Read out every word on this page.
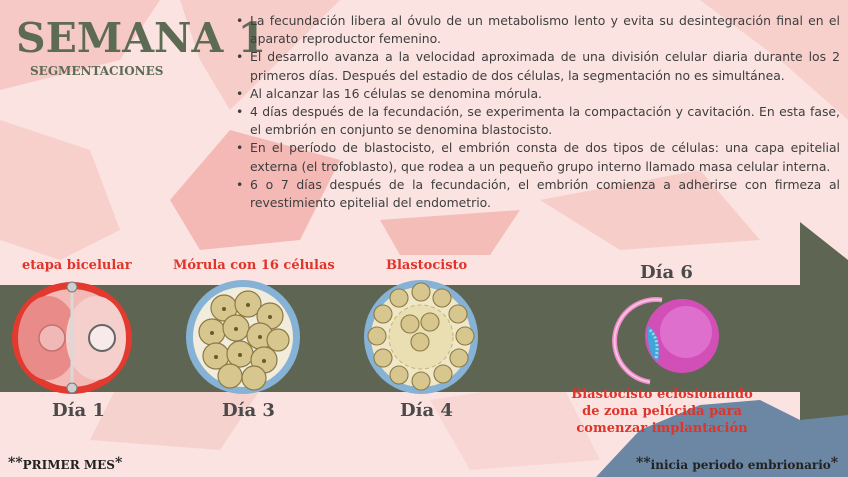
SEMANA 1
SEGMENTACIONES
• La fecundación libera al óvulo de un metabolismo lento y evita su desintegración final en el aparato reproductor femenino.
• El desarrollo avanza a la velocidad aproximada de una división celular diaria durante los 2 primeros días. Después del estadio de dos células, la segmentación no es simultánea.
• Al alcanzar las 16 células se denomina mórula.
• 4 días después de la fecundación, se experimenta la compactación y cavitación. En esta fase, el embrión en conjunto se denomina blastocisto.
• En el período de blastocisto, el embrión consta de dos tipos de células: una capa epitelial externa (el trofoblasto), que rodea a un pequeño grupo interno llamado masa celular interna.
• 6 o 7 días después de la fecundación, el embrión comienza a adherirse con firmeza al revestimiento epitelial del endometrio.
etapa bicelular	Mórula con 16 células	Blastocisto	Día 6
Día 1	Día 3	Día 4
Blastocisto eclosionando de zona pelúcida para comenzar implantación
**PRIMER MES*	**inicia periodo embrionario*
